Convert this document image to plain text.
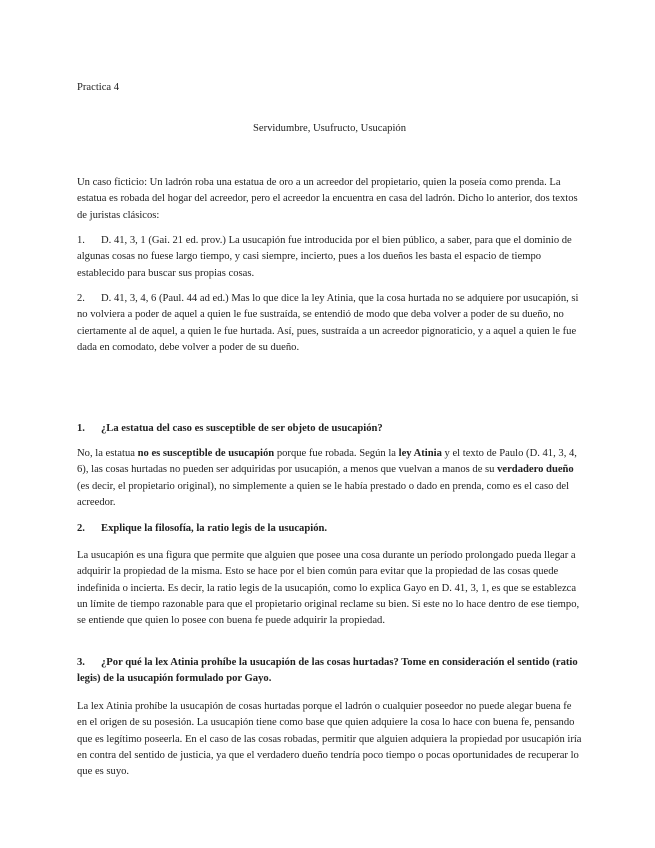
Practica 4

Servidumbre, Usufructo, Usucapión

Un caso ficticio: Un ladrón roba una estatua de oro a un acreedor del propietario, quien la poseía como prenda. La estatua es robada del hogar del acreedor, pero el acreedor la encuentra en casa del ladrón. Dicho lo anterior, dos textos de juristas clásicos:

1. D. 41, 3, 1 (Gai. 21 ed. prov.) La usucapión fue introducida por el bien público, a saber, para que el dominio de algunas cosas no fuese largo tiempo, y casi siempre, incierto, pues a los dueños les basta el espacio de tiempo establecido para buscar sus propias cosas.

2. D. 41, 3, 4, 6 (Paul. 44 ad ed.) Mas lo que dice la ley Atinia, que la cosa hurtada no se adquiere por usucapión, si no volviera a poder de aquel a quien le fue sustraída, se entendió de modo que deba volver a poder de su dueño, no ciertamente al de aquel, a quien le fue hurtada. Así, pues, sustraída a un acreedor pignoraticio, y a aquel a quien le fue dada en comodato, debe volver a poder de su dueño.

1. ¿La estatua del caso es susceptible de ser objeto de usucapión?

No, la estatua no es susceptible de usucapión porque fue robada. Según la ley Atinia y el texto de Paulo (D. 41, 3, 4, 6), las cosas hurtadas no pueden ser adquiridas por usucapión, a menos que vuelvan a manos de su verdadero dueño (es decir, el propietario original), no simplemente a quien se le había prestado o dado en prenda, como es el caso del acreedor.

2. Explique la filosofía, la ratio legis de la usucapión.

La usucapión es una figura que permite que alguien que posee una cosa durante un período prolongado pueda llegar a adquirir la propiedad de la misma. Esto se hace por el bien común para evitar que la propiedad de las cosas quede indefinida o incierta. Es decir, la ratio legis de la usucapión, como lo explica Gayo en D. 41, 3, 1, es que se establezca un límite de tiempo razonable para que el propietario original reclame su bien. Si este no lo hace dentro de ese tiempo, se entiende que quien lo posee con buena fe puede adquirir la propiedad.

3. ¿Por qué la lex Atinia prohíbe la usucapión de las cosas hurtadas? Tome en consideración el sentido (ratio legis) de la usucapión formulado por Gayo.

La lex Atinia prohíbe la usucapión de cosas hurtadas porque el ladrón o cualquier poseedor no puede alegar buena fe en el origen de su posesión. La usucapión tiene como base que quien adquiere la cosa lo hace con buena fe, pensando que es legítimo poseerla. En el caso de las cosas robadas, permitir que alguien adquiera la propiedad por usucapión iría en contra del sentido de justicia, ya que el verdadero dueño tendría poco tiempo o pocas oportunidades de recuperar lo que es suyo.
